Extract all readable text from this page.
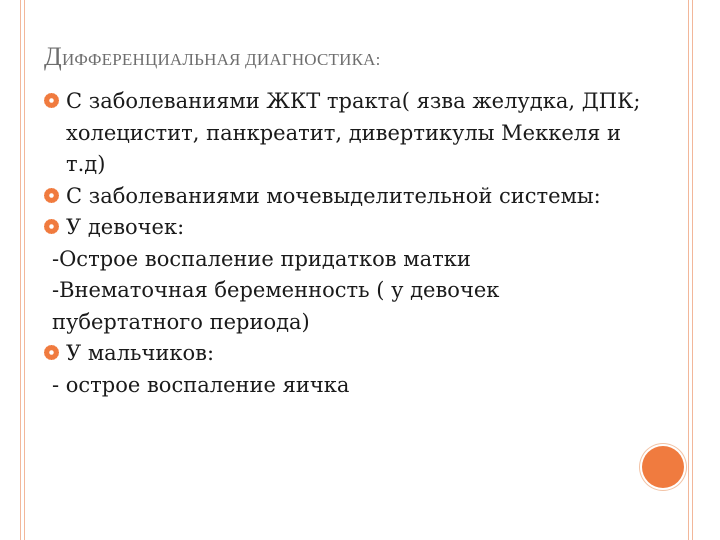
ДИФФЕРЕНЦИАЛЬНАЯ ДИАГНОСТИКА:
С заболеваниями ЖКТ тракта( язва желудка, ДПК; холецистит, панкреатит, дивертикулы Меккеля и т.д)
С заболеваниями мочевыделительной системы:
У девочек:
-Острое воспаление придатков матки
-Внематочная беременность ( у девочек пубертатного периода)
У мальчиков:
- острое воспаление яичка
